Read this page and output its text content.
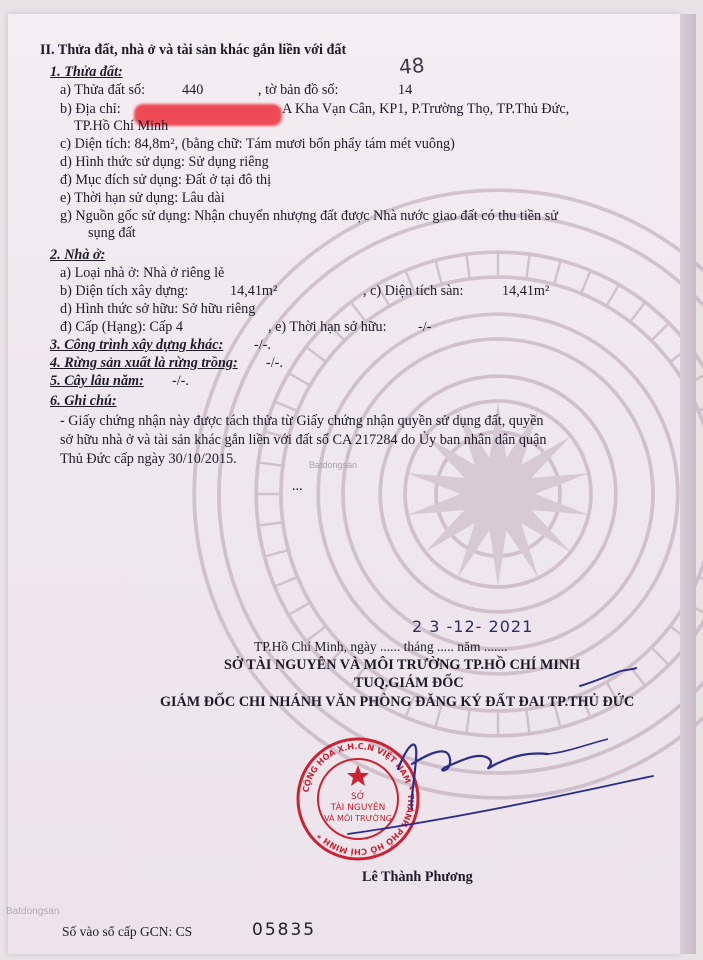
II. Thửa đất, nhà ở và tài sản khác gắn liền với đất
48
1. Thửa đất:
a) Thửa đất số:	440	, tờ bản đồ số:	14
b) Địa chỉ:	A Kha Vạn Cân, KP1, P.Trường Thọ, TP.Thủ Đức,
TP.Hồ Chí Minh
c) Diện tích: 84,8m², (bằng chữ: Tám mươi bốn phẩy tám mét vuông)
d) Hình thức sử dụng: Sử dụng riêng
đ) Mục đích sử dụng: Đất ở tại đô thị
e) Thời hạn sử dụng: Lâu dài
g) Nguồn gốc sử dụng: Nhận chuyển nhượng đất được Nhà nước giao đất có thu tiền sử
sụng đất
2. Nhà ở:
a) Loại nhà ở: Nhà ở riêng lẻ
b) Diện tích xây dựng:	14,41m²	, c) Diện tích sàn:	14,41m²
d) Hình thức sở hữu: Sở hữu riêng
đ) Cấp (Hạng): Cấp 4	, e) Thời hạn sở hữu: -/-
3. Công trình xây dựng khác: -/-.
4. Rừng sản xuất là rừng trồng: -/-.
5. Cây lâu năm: -/-.
6. Ghi chú:
- Giấy chứng nhận này được tách thửa từ Giấy chứng nhận quyền sử dụng đất, quyền
sở hữu nhà ở và tài sản khác gắn liền với đất số CA 217284 do Ủy ban nhân dân quận
Thủ Đức cấp ngày 30/10/2015.
...
Batdongsan
2 3 -12- 2021
TP.Hồ Chí Minh, ngày ...... tháng ..... năm .......
SỞ TÀI NGUYÊN VÀ MÔI TRƯỜNG TP.HỒ CHÍ MINH
TUQ.GIÁM ĐỐC
GIÁM ĐỐC CHI NHÁNH VĂN PHÒNG ĐĂNG KÝ ĐẤT ĐAI TP.THỦ ĐỨC
CỘNG HÒA X.H.C.N VIỆT NAM * THÀNH PHỐ HỒ CHÍ MINH *
SỞ
TÀI NGUYÊN
VÀ MÔI TRƯỜNG
Lê Thành Phương
Số vào sổ cấp GCN: CS	05835
Batdongsan
